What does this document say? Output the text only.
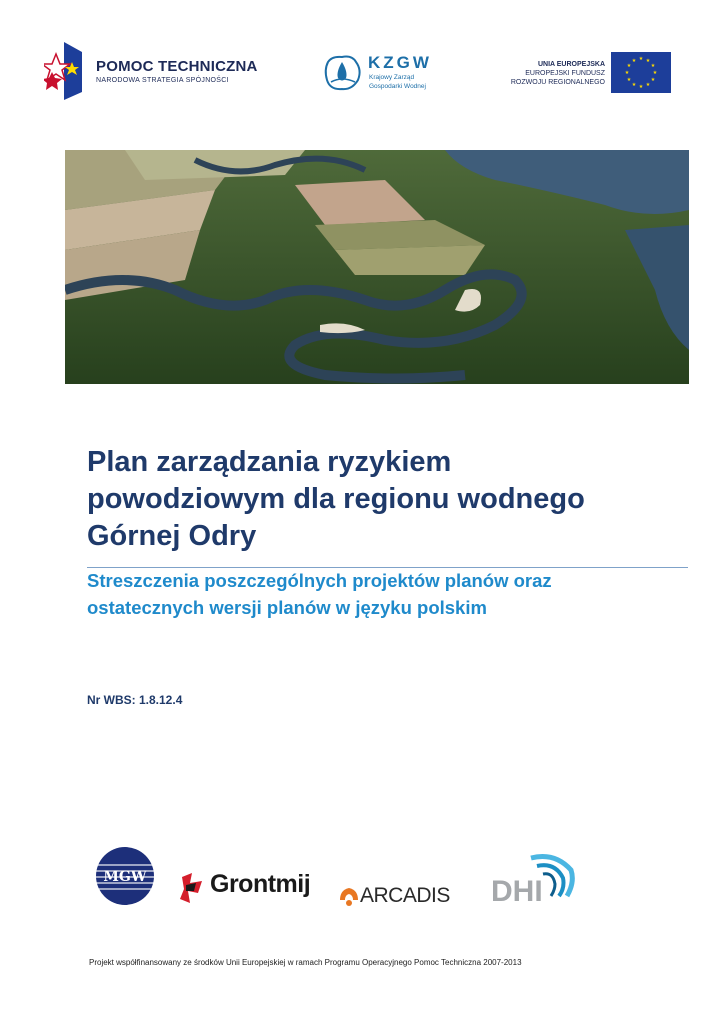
POMOC TECHNICZNA
NARODOWA STRATEGIA SPÓJNOŚCI
KZGW
Krajowy Zarząd
Gospodarki Wodnej
UNIA EUROPEJSKA
EUROPEJSKI FUNDUSZ
ROZWOJU REGIONALNEGO
★ ★
★
★
★
★
★
★
★
★
★
★
Plan zarządzania ryzykiem
powodziowym dla regionu wodnego
Górnej Odry
Streszczenia poszczególnych projektów planów oraz
ostatecznych wersji planów w języku polskim
Nr WBS: 1.8.12.4
MGW	Grontmij ARCADIS DHI
Projekt współfinansowany ze środków Unii Europejskiej w ramach Programu Operacyjnego Pomoc Techniczna 2007-2013
